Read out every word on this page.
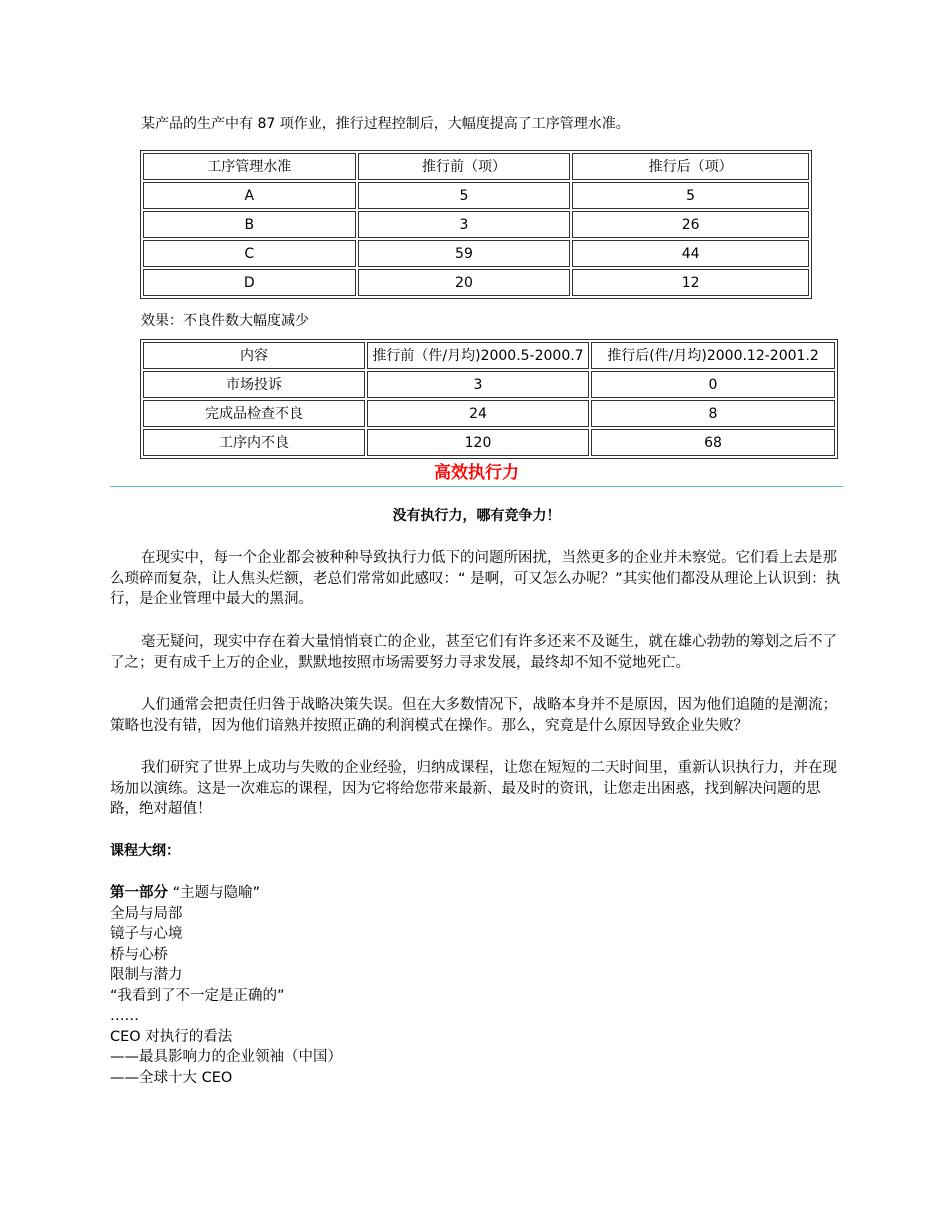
某产品的生产中有 87 项作业，推行过程控制后，大幅度提高了工序管理水准。

工序管理水准	推行前（项）	推行后（项）
A	5	5
B	3	26
C	59	44
D	20	12

效果：不良件数大幅度减少

内容	推行前（件/月均)2000.5-2000.7	推行后(件/月均)2000.12-2001.2
市场投诉	3	0
完成品检查不良	24	8
工序内不良	120	68
高效执行力

没有执行力，哪有竞争力！

在现实中，每一个企业都会被种种导致执行力低下的问题所困扰，当然更多的企业并未察觉。它们看上去是那么琐碎而复杂，让人焦头烂额，老总们常常如此感叹：“ 是啊，可又怎么办呢？”其实他们都没从理论上认识到：执行，是企业管理中最大的黑洞。

毫无疑问，现实中存在着大量悄悄衰亡的企业，甚至它们有许多还来不及诞生，就在雄心勃勃的筹划之后不了了之；更有成千上万的企业，默默地按照市场需要努力寻求发展，最终却不知不觉地死亡。

人们通常会把责任归咎于战略决策失误。但在大多数情况下，战略本身并不是原因，因为他们追随的是潮流；策略也没有错，因为他们谙熟并按照正确的利润模式在操作。那么，究竟是什么原因导致企业失败？

我们研究了世界上成功与失败的企业经验，归纳成课程，让您在短短的二天时间里，重新认识执行力，并在现场加以演练。这是一次难忘的课程，因为它将给您带来最新、最及时的资讯，让您走出困惑，找到解决问题的思路，绝对超值！

课程大纲：

第一部分 “主题与隐喻”
全局与局部
镜子与心境
桥与心桥
限制与潜力
“我看到了不一定是正确的”
……
CEO 对执行的看法
——最具影响力的企业领袖（中国）
——全球十大 CEO
